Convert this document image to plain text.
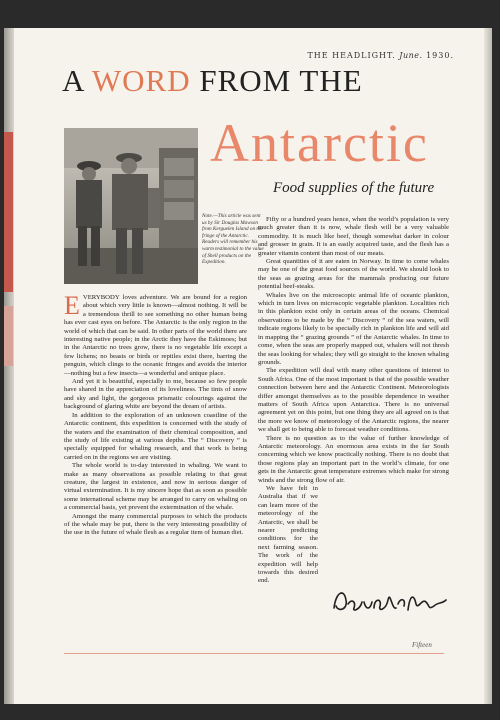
THE HEADLIGHT. June. 1930.
A WORD FROM THE
Antarctic
Food supplies of the future
Note.—This article was sent us by Sir Douglas Mawson from Kerguelen Island on the fringe of the Antarctic. Readers will remember his warm testimonial to the value of Shell products on the Expedition.

EVERYBODY loves adventure. We are bound for a region about which very little is known—almost nothing. It will be a tremendous thrill to see something no other human being has ever cast eyes on before. The Antarctic is the only region in the world of which that can be said. In other parts of the world there are interesting native people; in the Arctic they have the Eskimoes; but in the Antarctic no trees grow, there is no vegetable life except a few lichens; no beasts or birds or reptiles exist there, barring the penguin, which clings to the oceanic fringes and avoids the interior—nothing but a few insects—a wonderful and unique place.

And yet it is beautiful, especially to me, because so few people have shared in the appreciation of its loveliness. The tints of snow and sky and light, the gorgeous prismatic colourings against the background of glaring white are beyond the dream of artists.

In addition to the exploration of an unknown coastline of the Antarctic continent, this expedition is concerned with the study of the waters and the examination of their chemical composition, and the study of life existing at various depths. The “ Discovery ” is specially equipped for whaling research, and that work is being carried on in the regions we are visiting.

The whole world is to-day interested in whaling. We want to make as many observations as possible relating to that great creature, the largest in existence, and now in serious danger of virtual extermination. It is my sincere hope that as soon as possible some international scheme may be arranged to carry on whaling on a commercial basis, yet prevent the extermination of the whale.

Amongst the many commercial purposes to which the products of the whale may be put, there is the very interesting possibility of the use in the future of whale flesh as a regular item of human diet.

Fifty or a hundred years hence, when the world’s population is very much greater than it is now, whale flesh will be a very valuable commodity. It is much like beef, though somewhat darker in colour and grosser in grain. It is an easily acquired taste, and the flesh has a greater vitamin content than most of our meats.

Great quantities of it are eaten in Norway. In time to come whales may be one of the great food sources of the world. We should look to the seas as grazing areas for the mammals producing our future potential beef-steaks.

Whales live on the microscopic animal life of oceanic plankton, which in turn lives on microscopic vegetable plankton. Localities rich in this plankton exist only in certain areas of the oceans. Chemical observations to be made by the “ Discovery ” of the sea waters, will indicate regions likely to be specially rich in plankton life and will aid in mapping the “ grazing grounds ” of the Antarctic whales. In time to come, when the seas are properly mapped out, whalers will not thresh the seas looking for whales; they will go straight to the known whaling grounds.

The expedition will deal with many other questions of interest to South Africa. One of the most important is that of the possible weather connection between here and the Antarctic Continent. Meteorologists differ amongst themselves as to the possible dependence in weather matters of South Africa upon Antarctica. There is no universal agreement yet on this point, but one thing they are all agreed on is that the more we know of meteorology of the Antarctic regions, the nearer we shall get to being able to forecast weather conditions.

There is no question as to the value of further knowledge of Antarctic meteorology. An enormous area exists in the far South concerning which we know practically nothing. There is no doubt that those regions play an important part in the world’s climate, for one gets in the Antarctic great temperature extremes which make for strong winds and the strong flow of air.

We have felt in Australia that if we can learn more of the meteorology of the Antarctic, we shall be nearer predicting conditions for the next farming season. The work of the expedition will help towards this desired end.

Fifteen
